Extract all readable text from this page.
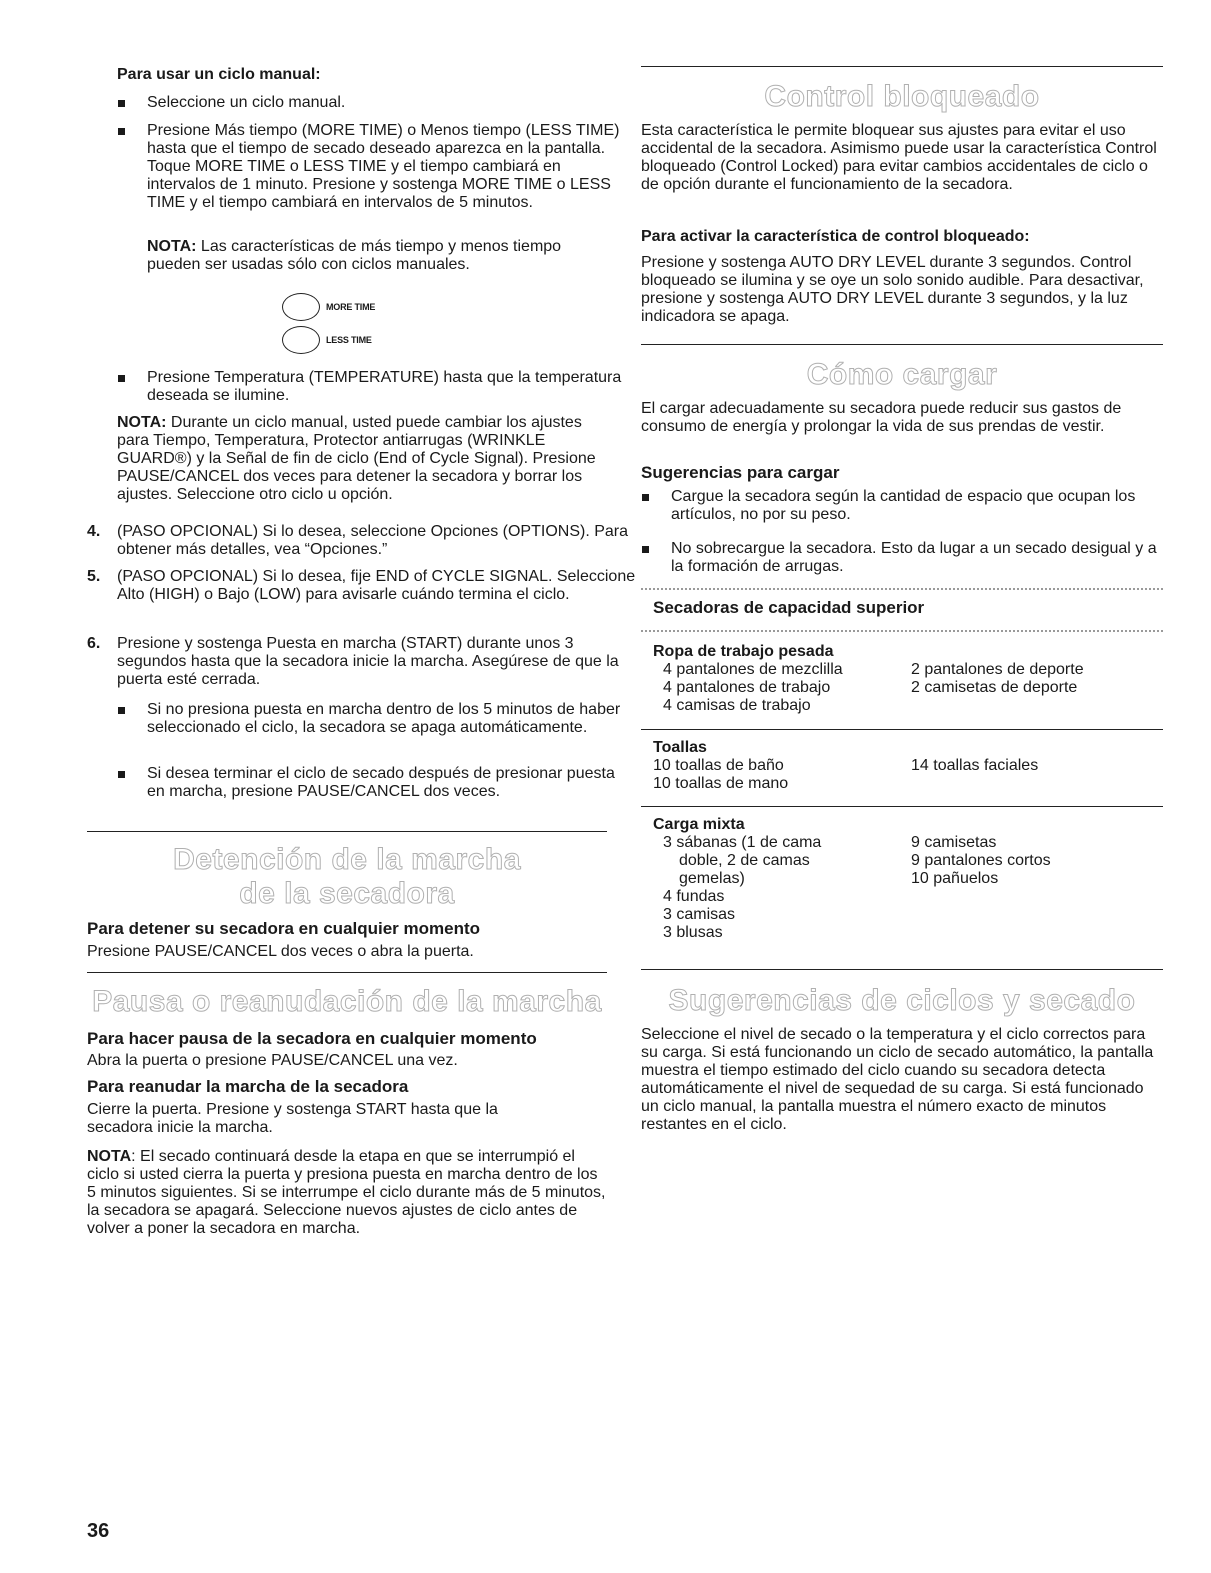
Para usar un ciclo manual:

Seleccione un ciclo manual.

Presione Más tiempo (MORE TIME) o Menos tiempo (LESS TIME) hasta que el tiempo de secado deseado aparezca en la pantalla. Toque MORE TIME o LESS TIME y el tiempo cambiará en intervalos de 1 minuto. Presione y sostenga MORE TIME o LESS TIME y el tiempo cambiará en intervalos de 5 minutos.

NOTA: Las características de más tiempo y menos tiempo pueden ser usadas sólo con ciclos manuales.

MORE TIME
LESS TIME

Presione Temperatura (TEMPERATURE) hasta que la temperatura deseada se ilumine.

NOTA: Durante un ciclo manual, usted puede cambiar los ajustes para Tiempo, Temperatura, Protector antiarrugas (WRINKLE GUARD®) y la Señal de fin de ciclo (End of Cycle Signal). Presione PAUSE/CANCEL dos veces para detener la secadora y borrar los ajustes. Seleccione otro ciclo u opción.

4. (PASO OPCIONAL) Si lo desea, seleccione Opciones (OPTIONS). Para obtener más detalles, vea “Opciones.”

5. (PASO OPCIONAL) Si lo desea, fije END of CYCLE SIGNAL. Seleccione Alto (HIGH) o Bajo (LOW) para avisarle cuándo termina el ciclo.

6. Presione y sostenga Puesta en marcha (START) durante unos 3 segundos hasta que la secadora inicie la marcha. Asegúrese de que la puerta esté cerrada.

Si no presiona puesta en marcha dentro de los 5 minutos de haber seleccionado el ciclo, la secadora se apaga automáticamente.

Si desea terminar el ciclo de secado después de presionar puesta en marcha, presione PAUSE/CANCEL dos veces.

Detención de la marcha
de la secadora

Para detener su secadora en cualquier momento

Presione PAUSE/CANCEL dos veces o abra la puerta.

Pausa o reanudación de la marcha

Para hacer pausa de la secadora en cualquier momento

Abra la puerta o presione PAUSE/CANCEL una vez.

Para reanudar la marcha de la secadora

Cierre la puerta. Presione y sostenga START hasta que la secadora inicie la marcha.

NOTA: El secado continuará desde la etapa en que se interrumpió el ciclo si usted cierra la puerta y presiona puesta en marcha dentro de los 5 minutos siguientes. Si se interrumpe el ciclo durante más de 5 minutos, la secadora se apagará. Seleccione nuevos ajustes de ciclo antes de volver a poner la secadora en marcha.

Control bloqueado

Esta característica le permite bloquear sus ajustes para evitar el uso accidental de la secadora. Asimismo puede usar la característica Control bloqueado (Control Locked) para evitar cambios accidentales de ciclo o de opción durante el funcionamiento de la secadora.

Para activar la característica de control bloqueado:

Presione y sostenga AUTO DRY LEVEL durante 3 segundos. Control bloqueado se ilumina y se oye un solo sonido audible. Para desactivar, presione y sostenga AUTO DRY LEVEL durante 3 segundos, y la luz indicadora se apaga.

Cómo cargar

El cargar adecuadamente su secadora puede reducir sus gastos de consumo de energía y prolongar la vida de sus prendas de vestir.

Sugerencias para cargar

Cargue la secadora según la cantidad de espacio que ocupan los artículos, no por su peso.

No sobrecargue la secadora. Esto da lugar a un secado desigual y a la formación de arrugas.

Secadoras de capacidad superior

Ropa de trabajo pesada

4 pantalones de mezclilla

4 pantalones de trabajo

4 camisas de trabajo

2 pantalones de deporte

2 camisetas de deporte

Toallas

10 toallas de baño

10 toallas de mano

14 toallas faciales

Carga mixta

3 sábanas (1 de cama

doble, 2 de camas

gemelas)

4 fundas

3 camisas

3 blusas

9 camisetas

9 pantalones cortos

10 pañuelos

Sugerencias de ciclos y secado

Seleccione el nivel de secado o la temperatura y el ciclo correctos para su carga. Si está funcionando un ciclo de secado automático, la pantalla muestra el tiempo estimado del ciclo cuando su secadora detecta automáticamente el nivel de sequedad de su carga. Si está funcionado un ciclo manual, la pantalla muestra el número exacto de minutos restantes en el ciclo.

36
